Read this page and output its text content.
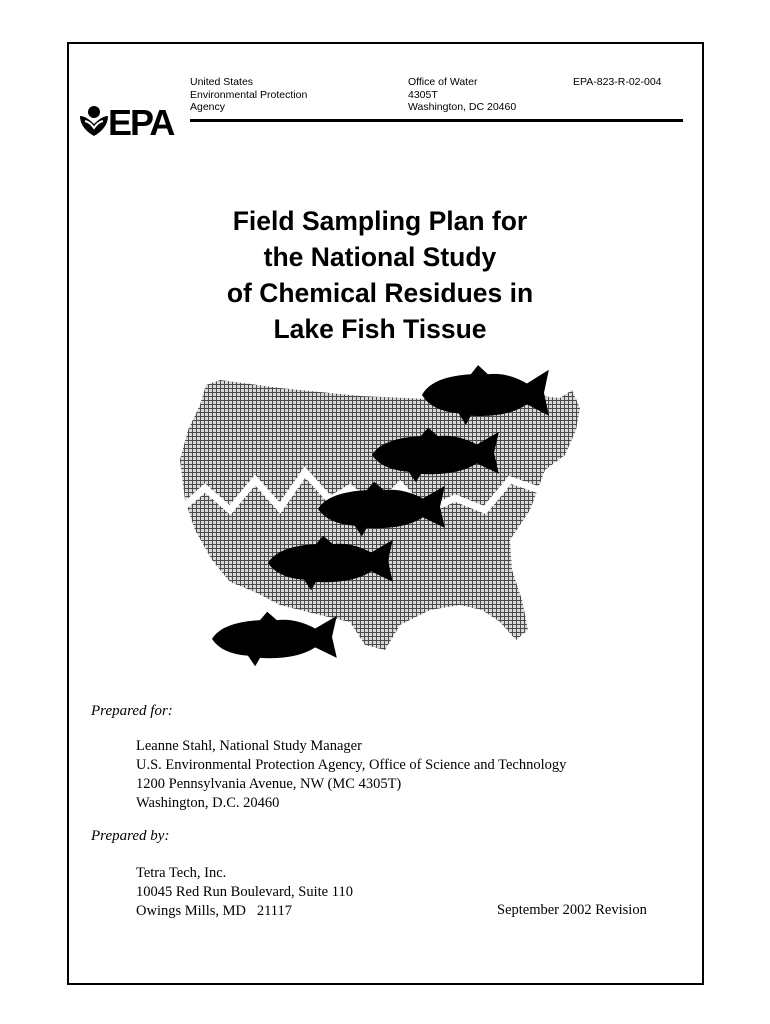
EPA
United States
Environmental Protection
Agency
Office of Water
4305T
Washington, DC 20460
EPA-823-R-02-004
Field Sampling Plan for
the National Study
of Chemical Residues in
Lake Fish Tissue
Prepared for:
Leanne Stahl, National Study Manager
U.S. Environmental Protection Agency, Office of Science and Technology
1200 Pennsylvania Avenue, NW (MC 4305T)
Washington, D.C. 20460
Prepared by:
Tetra Tech, Inc.
10045 Red Run Boulevard, Suite 110
Owings Mills, MD   21117	September 2002 Revision
